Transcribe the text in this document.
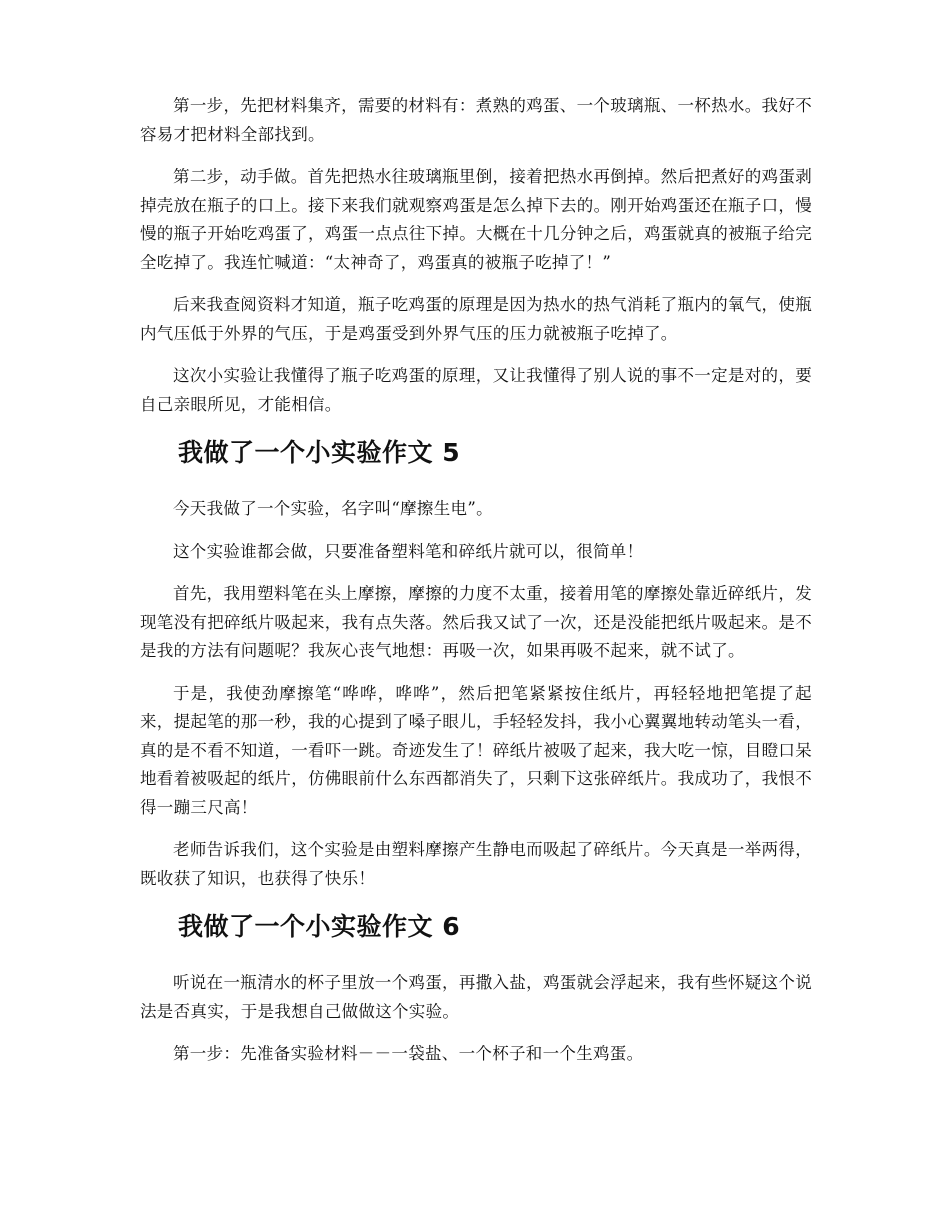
第一步，先把材料集齐，需要的材料有：煮熟的鸡蛋、一个玻璃瓶、一杯热水。我好不容易才把材料全部找到。

第二步，动手做。首先把热水往玻璃瓶里倒，接着把热水再倒掉。然后把煮好的鸡蛋剥掉壳放在瓶子的口上。接下来我们就观察鸡蛋是怎么掉下去的。刚开始鸡蛋还在瓶子口，慢慢的瓶子开始吃鸡蛋了，鸡蛋一点点往下掉。大概在十几分钟之后，鸡蛋就真的被瓶子给完全吃掉了。我连忙喊道：“太神奇了，鸡蛋真的被瓶子吃掉了！”

后来我查阅资料才知道，瓶子吃鸡蛋的原理是因为热水的热气消耗了瓶内的氧气，使瓶内气压低于外界的气压，于是鸡蛋受到外界气压的压力就被瓶子吃掉了。

这次小实验让我懂得了瓶子吃鸡蛋的原理，又让我懂得了别人说的事不一定是对的，要自己亲眼所见，才能相信。

我做了一个小实验作文 5

今天我做了一个实验，名字叫“摩擦生电”。

这个实验谁都会做，只要准备塑料笔和碎纸片就可以，很简单！

首先，我用塑料笔在头上摩擦，摩擦的力度不太重，接着用笔的摩擦处靠近碎纸片，发现笔没有把碎纸片吸起来，我有点失落。然后我又试了一次，还是没能把纸片吸起来。是不是我的方法有问题呢？我灰心丧气地想：再吸一次，如果再吸不起来，就不试了。

于是，我使劲摩擦笔“哗哗，哗哗”，然后把笔紧紧按住纸片，再轻轻地把笔提了起来，提起笔的那一秒，我的心提到了嗓子眼儿，手轻轻发抖，我小心翼翼地转动笔头一看，真的是不看不知道，一看吓一跳。奇迹发生了！碎纸片被吸了起来，我大吃一惊，目瞪口呆地看着被吸起的纸片，仿佛眼前什么东西都消失了，只剩下这张碎纸片。我成功了，我恨不得一蹦三尺高！

老师告诉我们，这个实验是由塑料摩擦产生静电而吸起了碎纸片。今天真是一举两得，既收获了知识，也获得了快乐！

我做了一个小实验作文 6

听说在一瓶清水的杯子里放一个鸡蛋，再撒入盐，鸡蛋就会浮起来，我有些怀疑这个说法是否真实，于是我想自己做做这个实验。

第一步：先准备实验材料－－一袋盐、一个杯子和一个生鸡蛋。
